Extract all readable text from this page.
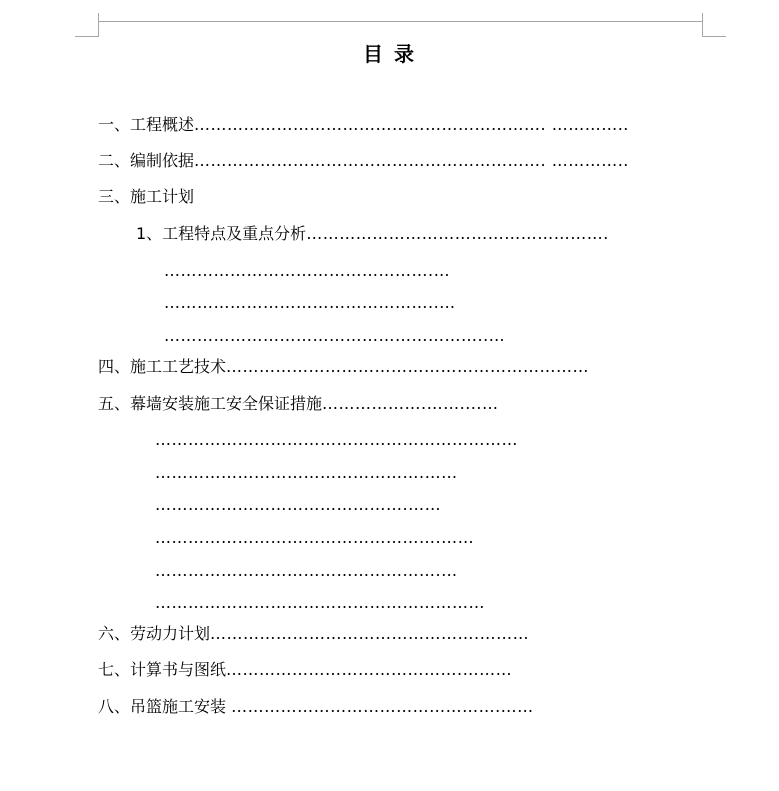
目 录
一、工程概述………………………………………………………. …………..
二、编制依据………………………………………………………. …………..
三、施工计划
1、工程特点及重点分析……………………………………………….
………………………………………….…
…………………………………………..…
…………………………………………………..…
四、施工工艺技术…………………………………………………………
五、幕墙安装施工安全保证措施……………….……....…
…………………………………………………………
………………………………………….……
……………………………………….……
…………………………………………….……
…………………………………………….…
……………………………………………………
六、劳动力计划………………………………………….………
七、计算书与图纸…………………………………….………
八、吊篮施工安装 ………………………………………….……
